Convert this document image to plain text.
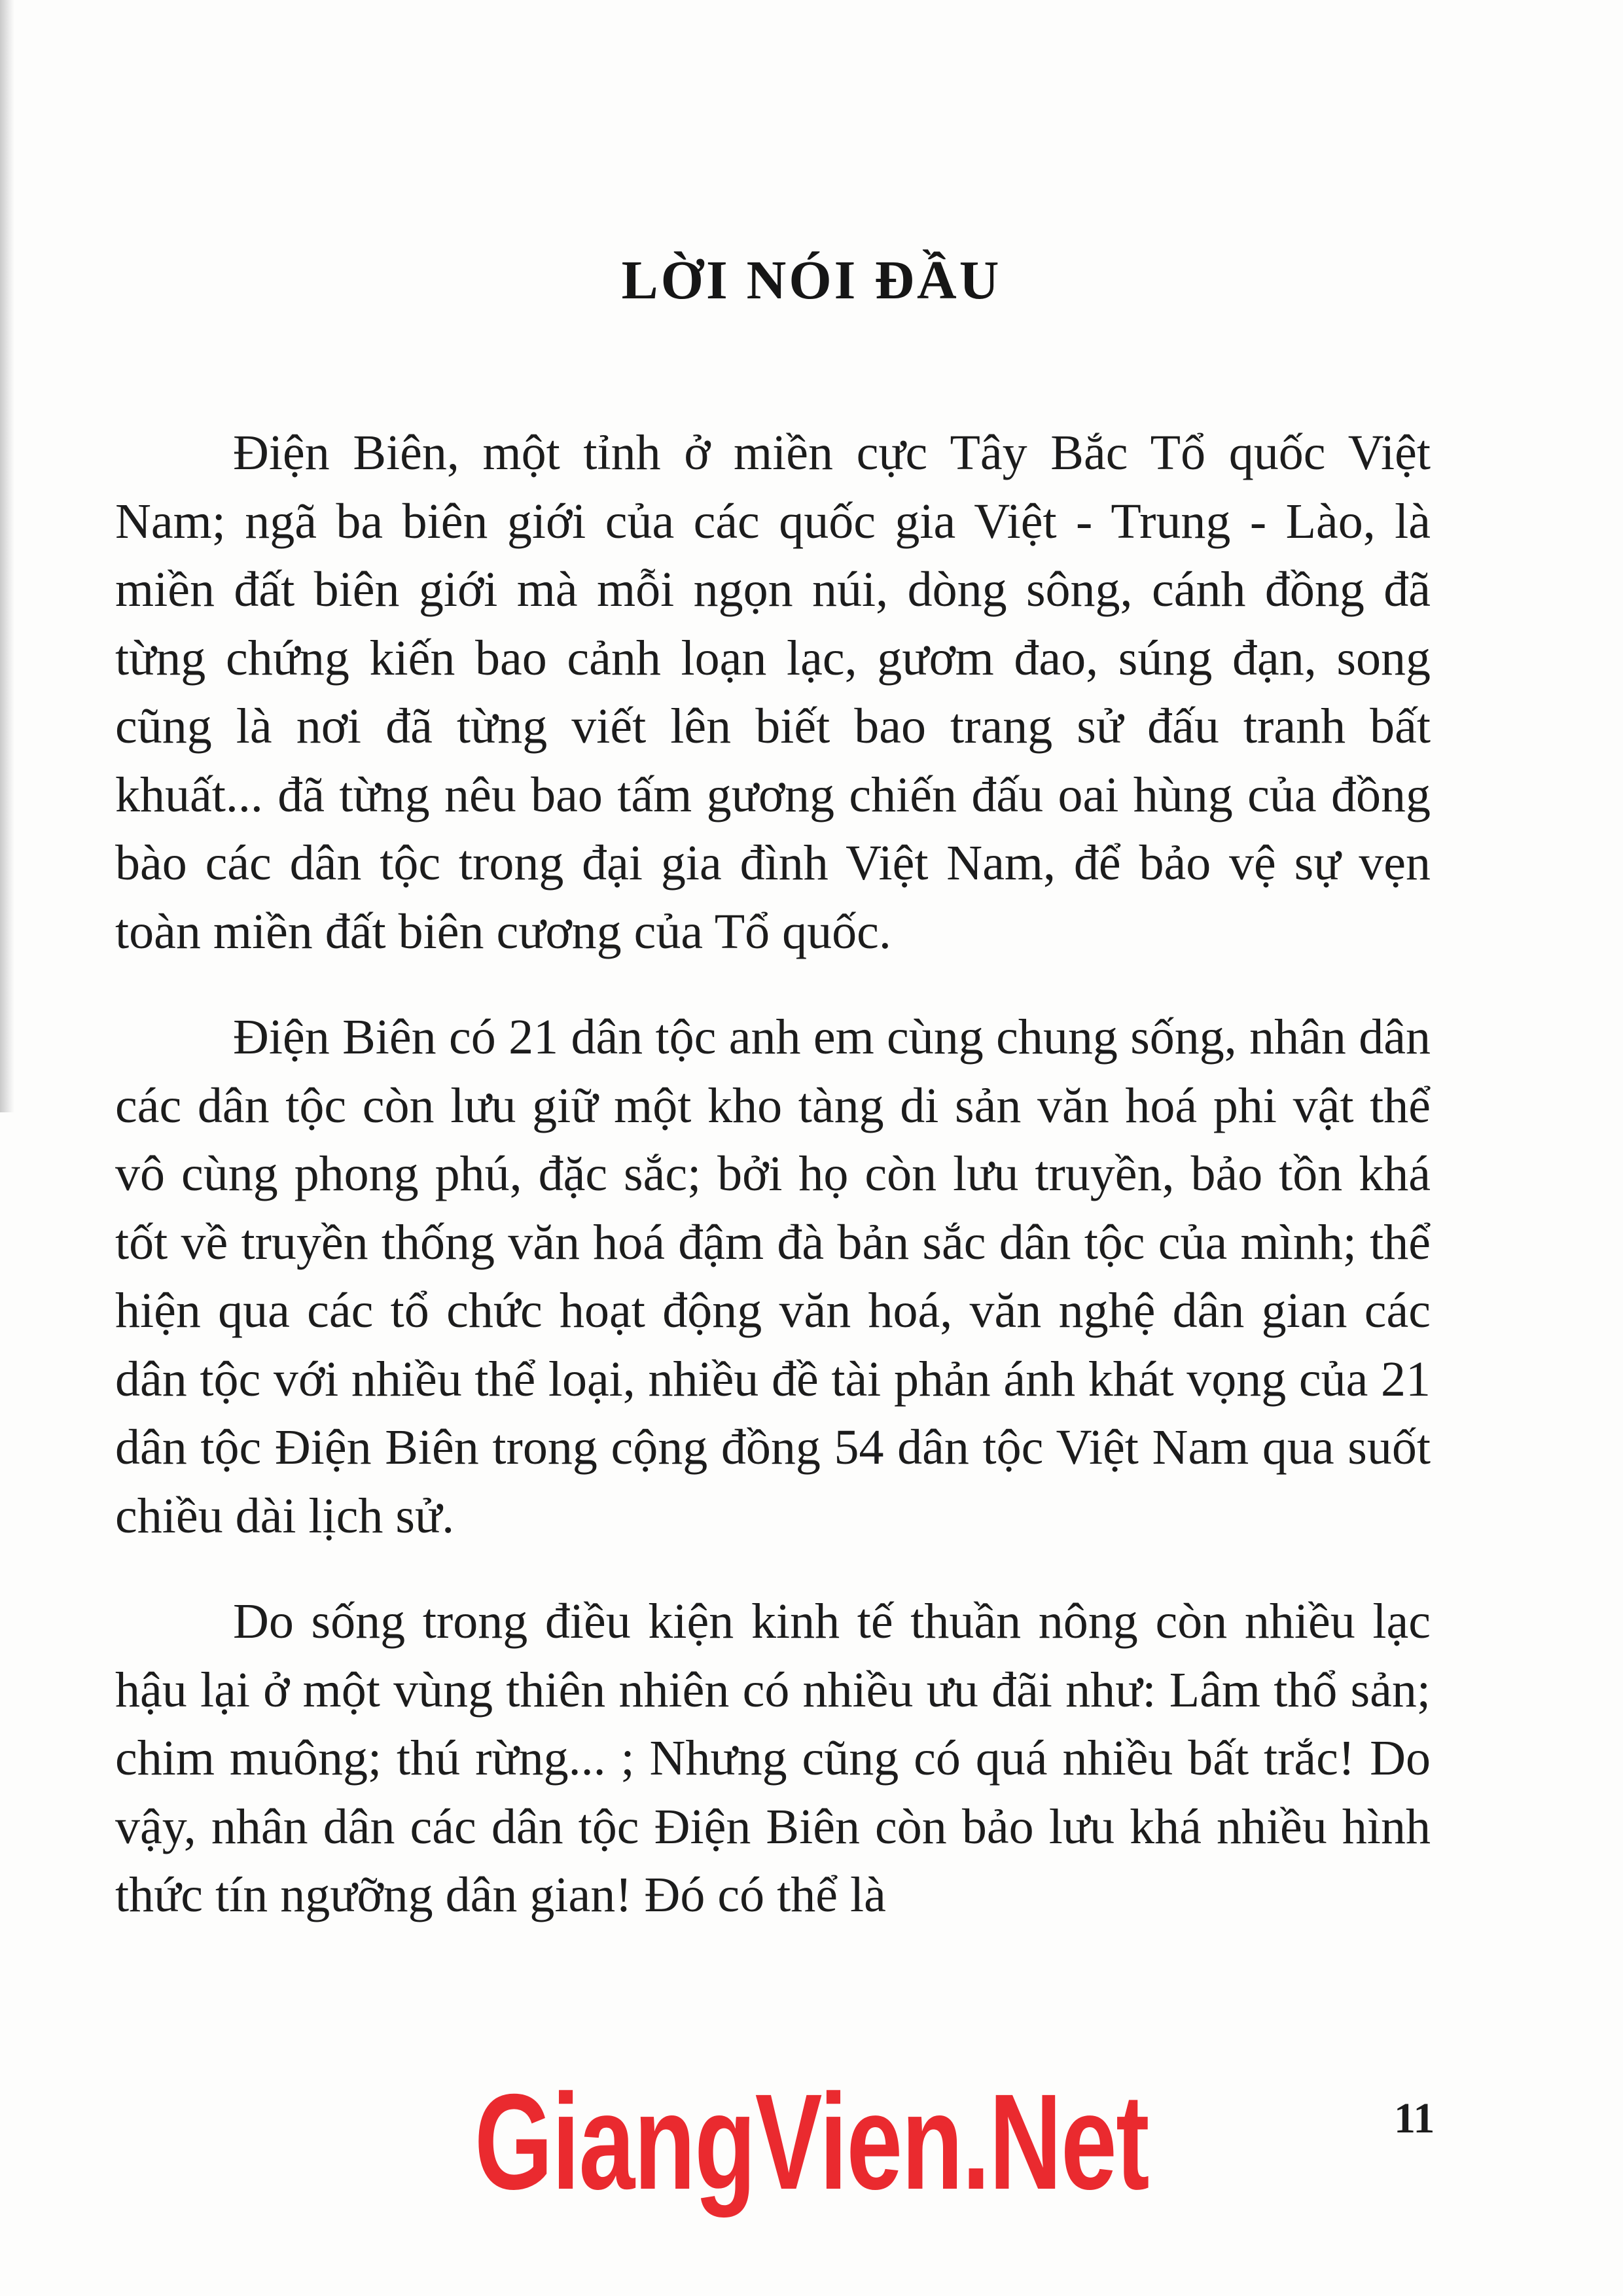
LỜI NÓI ĐẦU

Điện Biên, một tỉnh ở miền cực Tây Bắc Tổ quốc Việt Nam; ngã ba biên giới của các quốc gia Việt - Trung - Lào, là miền đất biên giới mà mỗi ngọn núi, dòng sông, cánh đồng đã từng chứng kiến bao cảnh loạn lạc, gươm đao, súng đạn, song cũng là nơi đã từng viết lên biết bao trang sử đấu tranh bất khuất... đã từng nêu bao tấm gương chiến đấu oai hùng của đồng bào các dân tộc trong đại gia đình Việt Nam, để bảo vệ sự vẹn toàn miền đất biên cương của Tổ quốc.

Điện Biên có 21 dân tộc anh em cùng chung sống, nhân dân các dân tộc còn lưu giữ một kho tàng di sản văn hoá phi vật thể vô cùng phong phú, đặc sắc; bởi họ còn lưu truyền, bảo tồn khá tốt về truyền thống văn hoá đậm đà bản sắc dân tộc của mình; thể hiện qua các tổ chức hoạt động văn hoá, văn nghệ dân gian các dân tộc với nhiều thể loại, nhiều đề tài phản ánh khát vọng của 21 dân tộc Điện Biên trong cộng đồng 54 dân tộc Việt Nam qua suốt chiều dài lịch sử.

Do sống trong điều kiện kinh tế thuần nông còn nhiều lạc hậu lại ở một vùng thiên nhiên có nhiều ưu đãi như: Lâm thổ sản; chim muông; thú rừng... ; Nhưng cũng có quá nhiều bất trắc! Do vậy, nhân dân các dân tộc Điện Biên còn bảo lưu khá nhiều hình thức tín ngưỡng dân gian! Đó có thể là

GiangVien.Net	11
